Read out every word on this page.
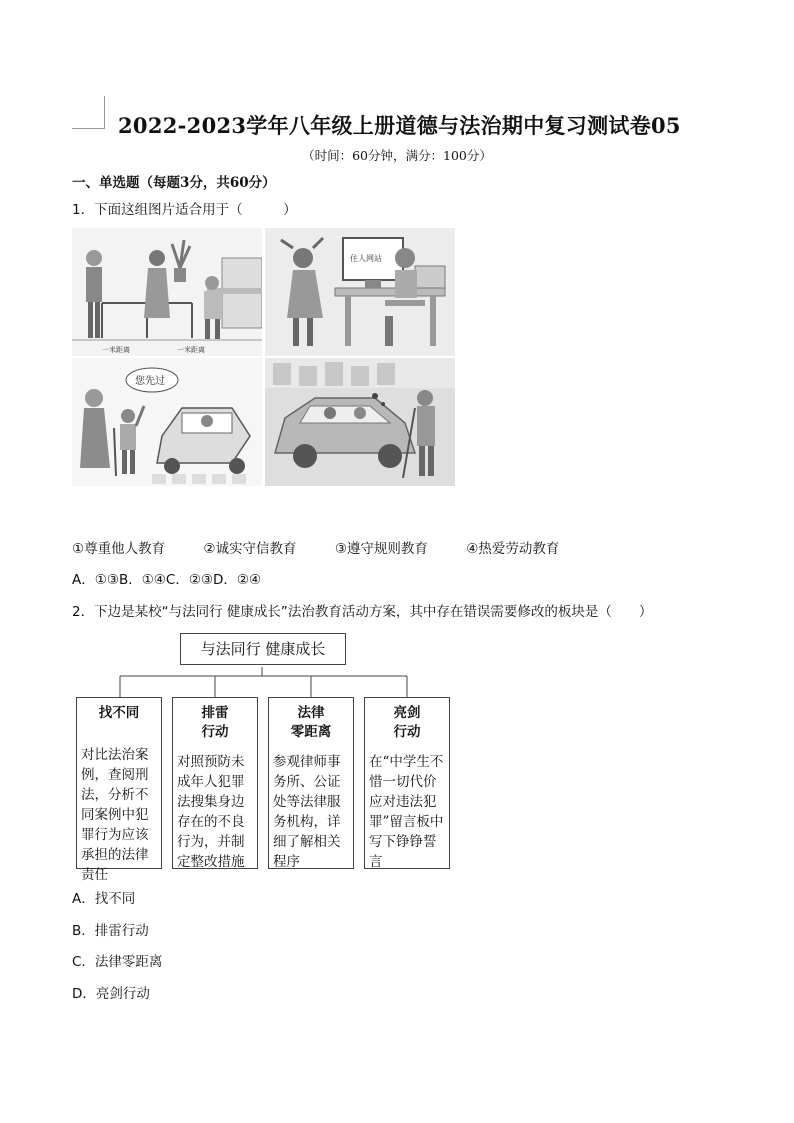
2022-2023学年八年级上册道德与法治期中复习测试卷05
（时间：60分钟，满分：100分）
一、单选题（每题3分，共60分）
1．下面这组图片适合用于（　　　）
一米距离	一米距离
住人网站
您先过
①尊重他人教育	②诚实守信教育	③遵守规则教育	④热爱劳动教育
A．①③B．①④C．②③D．②④
2．下边是某校“与法同行 健康成长”法治教育活动方案，其中存在错误需要修改的板块是（　　）
与法同行 健康成长
找不同
对比法治案例，查阅刑法，分析不同案例中犯罪行为应该承担的法律责任
排雷
行动
对照预防未成年人犯罪法搜集身边存在的不良行为，并制定整改措施
法律
零距离
参观律师事务所、公证处等法律服务机构，详细了解相关程序
亮剑
行动
在“中学生不惜一切代价应对违法犯罪”留言板中写下铮铮誓言
A．找不同
B．排雷行动
C．法律零距离
D．亮剑行动
